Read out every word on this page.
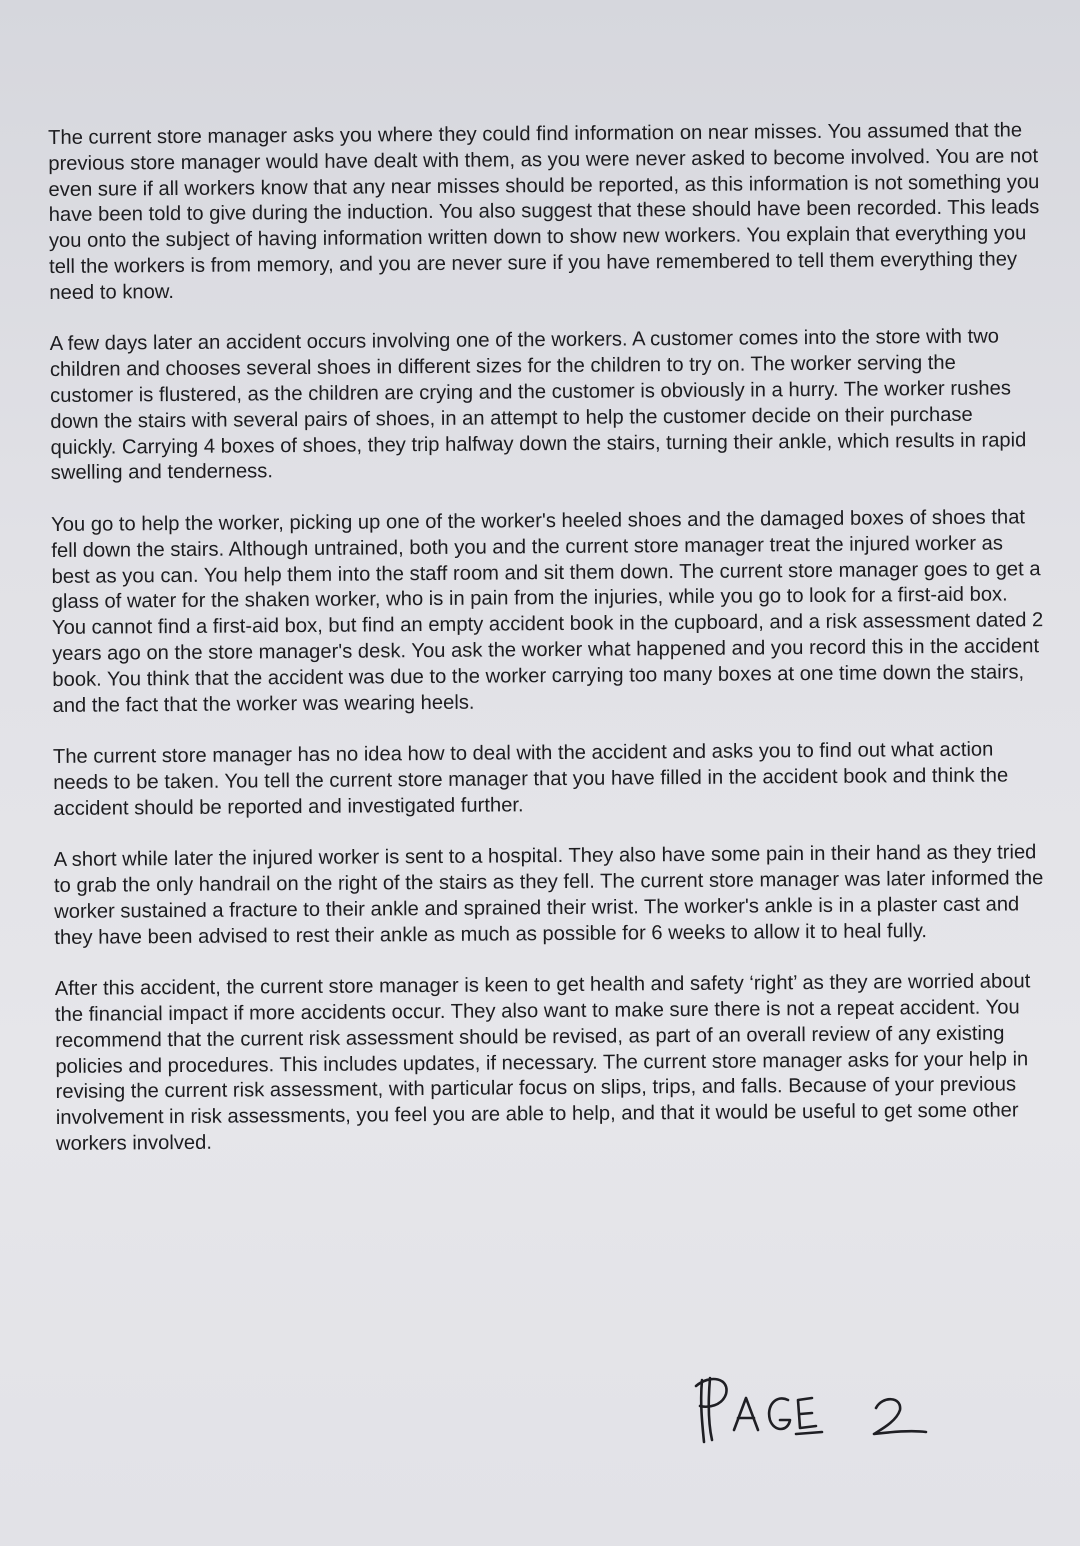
The current store manager asks you where they could find information on near misses. You assumed that the previous store manager would have dealt with them, as you were never asked to become involved. You are not even sure if all workers know that any near misses should be reported, as this information is not something you have been told to give during the induction. You also suggest that these should have been recorded. This leads you onto the subject of having information written down to show new workers. You explain that everything you tell the workers is from memory, and you are never sure if you have remembered to tell them everything they need to know.

A few days later an accident occurs involving one of the workers. A customer comes into the store with two children and chooses several shoes in different sizes for the children to try on. The worker serving the customer is flustered, as the children are crying and the customer is obviously in a hurry. The worker rushes down the stairs with several pairs of shoes, in an attempt to help the customer decide on their purchase quickly. Carrying 4 boxes of shoes, they trip halfway down the stairs, turning their ankle, which results in rapid swelling and tenderness.

You go to help the worker, picking up one of the worker's heeled shoes and the damaged boxes of shoes that fell down the stairs. Although untrained, both you and the current store manager treat the injured worker as best as you can. You help them into the staff room and sit them down. The current store manager goes to get a glass of water for the shaken worker, who is in pain from the injuries, while you go to look for a first-aid box. You cannot find a first-aid box, but find an empty accident book in the cupboard, and a risk assessment dated 2 years ago on the store manager's desk. You ask the worker what happened and you record this in the accident book. You think that the accident was due to the worker carrying too many boxes at one time down the stairs, and the fact that the worker was wearing heels.

The current store manager has no idea how to deal with the accident and asks you to find out what action needs to be taken. You tell the current store manager that you have filled in the accident book and think the accident should be reported and investigated further.

A short while later the injured worker is sent to a hospital. They also have some pain in their hand as they tried to grab the only handrail on the right of the stairs as they fell. The current store manager was later informed the worker sustained a fracture to their ankle and sprained their wrist. The worker's ankle is in a plaster cast and they have been advised to rest their ankle as much as possible for 6 weeks to allow it to heal fully.

After this accident, the current store manager is keen to get health and safety ‘right’ as they are worried about the financial impact if more accidents occur. They also want to make sure there is not a repeat accident. You recommend that the current risk assessment should be revised, as part of an overall review of any existing policies and procedures. This includes updates, if necessary. The current store manager asks for your help in revising the current risk assessment, with particular focus on slips, trips, and falls. Because of your previous involvement in risk assessments, you feel you are able to help, and that it would be useful to get some other workers involved.
